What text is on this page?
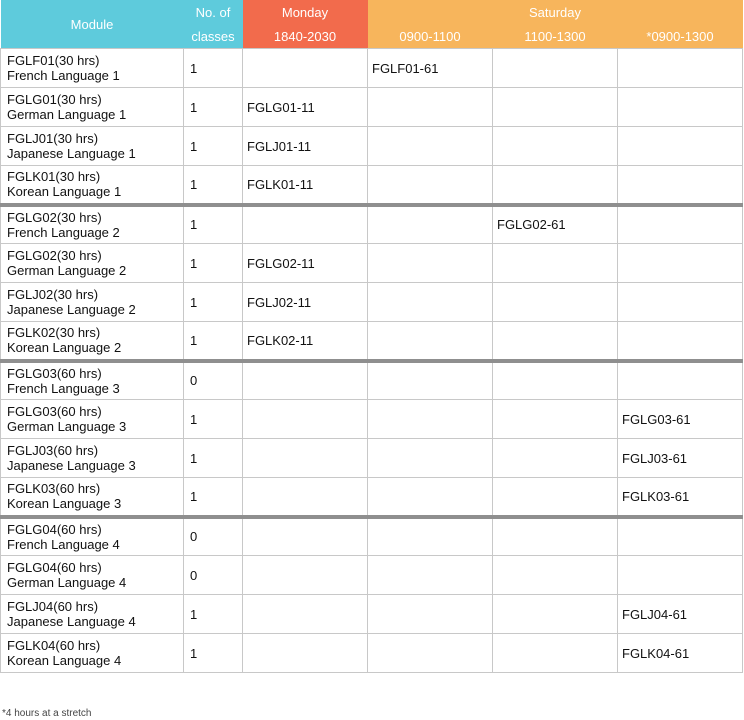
Module	No. of	Monday	Saturday		
	classes	1840-2030	0900-1100	1100-1300	*0900-1300

FGLF01(30 hrs)
French Language 1	1		FGLF01-61		

FGLG01(30 hrs)
German Language 1	1	FGLG01-11			

FGLJ01(30 hrs)
Japanese Language 1	1	FGLJ01-11			

FGLK01(30 hrs)
Korean Language 1	1	FGLK01-11			

FGLG02(30 hrs)
French Language 2	1			FGLG02-61	

FGLG02(30 hrs)
German Language 2	1	FGLG02-11			

FGLJ02(30 hrs)
Japanese Language 2	1	FGLJ02-11			

FGLK02(30 hrs)
Korean Language 2	1	FGLK02-11			

FGLG03(60 hrs)
French Language 3	0				

FGLG03(60 hrs)
German Language 3	1				FGLG03-61

FGLJ03(60 hrs)
Japanese Language 3	1				FGLJ03-61

FGLK03(60 hrs)
Korean Language 3	1				FGLK03-61

FGLG04(60 hrs)
French Language 4	0				

FGLG04(60 hrs)
German Language 4	0				

FGLJ04(60 hrs)
Japanese Language 4	1				FGLJ04-61

FGLK04(60 hrs)
Korean Language 4	1				FGLK04-61
*4 hours at a stretch
